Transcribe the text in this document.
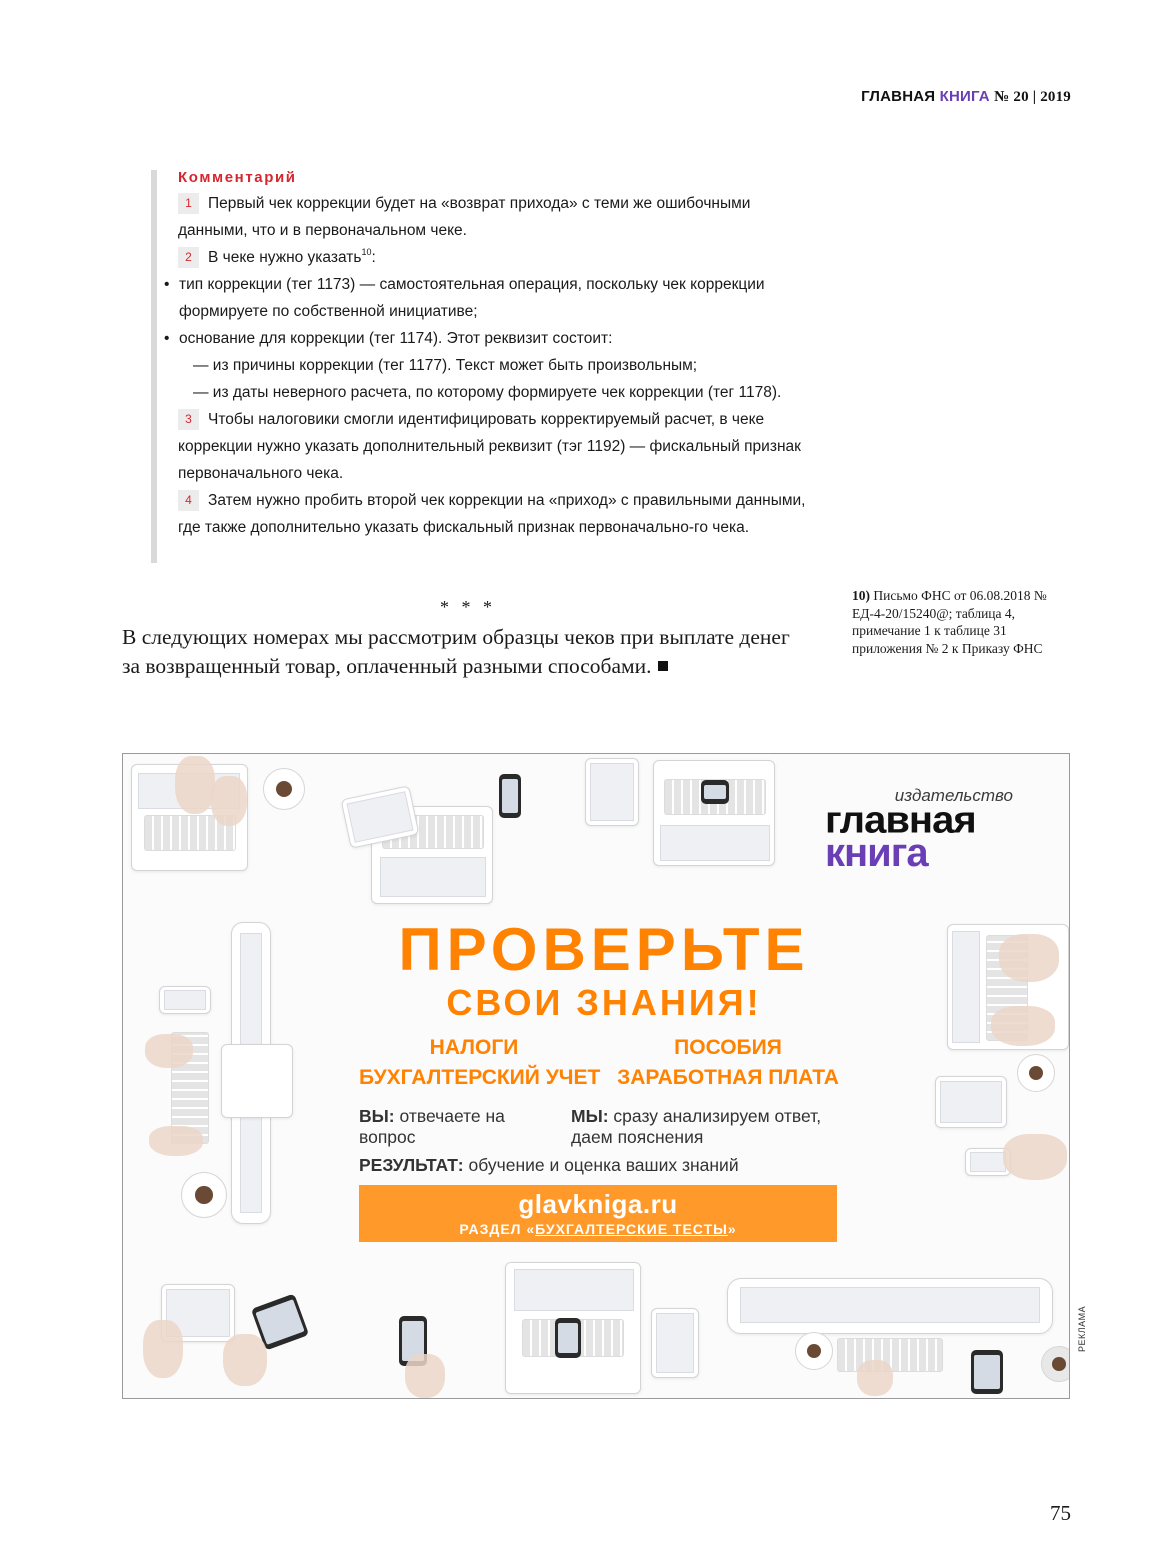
ГЛАВНАЯ КНИГА № 20 | 2019
Комментарий

1 Первый чек коррекции будет на «возврат прихода» с теми же ошибочными данными, что и в первоначальном чеке.

2 В чеке нужно указать$^{10}$:

• тип коррекции (тег 1173) — самостоятельная операция, поскольку чек коррекции формируете по собственной инициативе;

• основание для коррекции (тег 1174). Этот реквизит состоит:

— из причины коррекции (тег 1177). Текст может быть произвольным;

— из даты неверного расчета, по которому формируете чек коррекции (тег 1178).

3 Чтобы налоговики смогли идентифицировать корректируемый расчет, в чеке коррекции нужно указать дополнительный реквизит (тэг 1192) — фискальный признак первоначального чека.

4 Затем нужно пробить второй чек коррекции на «приход» с правильными данными, где также дополнительно указать фискальный признак первоначально-го чека.

* * *
В следующих номерах мы рассмотрим образцы чеков при выплате денег за возвращенный товар, оплаченный разными способами.
10) Письмо ФНС от 06.08.2018 № ЕД-4-20/15240@; таблица 4, примечание 1 к таблице 31 приложения № 2 к Приказу ФНС
издательство
главная
книга
ПРОВЕРЬТЕ
СВОИ ЗНАНИЯ!
НАЛОГИ	ПОСОБИЯ
БУХГАЛТЕРСКИЙ УЧЕТ ЗАРАБОТНАЯ ПЛАТА
ВЫ: отвечаете на вопрос
МЫ: сразу анализируем ответ, даем пояснения
РЕЗУЛЬТАТ: обучение и оценка ваших знаний
glavkniga.ru
РАЗДЕЛ «БУХГАЛТЕРСКИЕ ТЕСТЫ»
РЕКЛАМА
75
